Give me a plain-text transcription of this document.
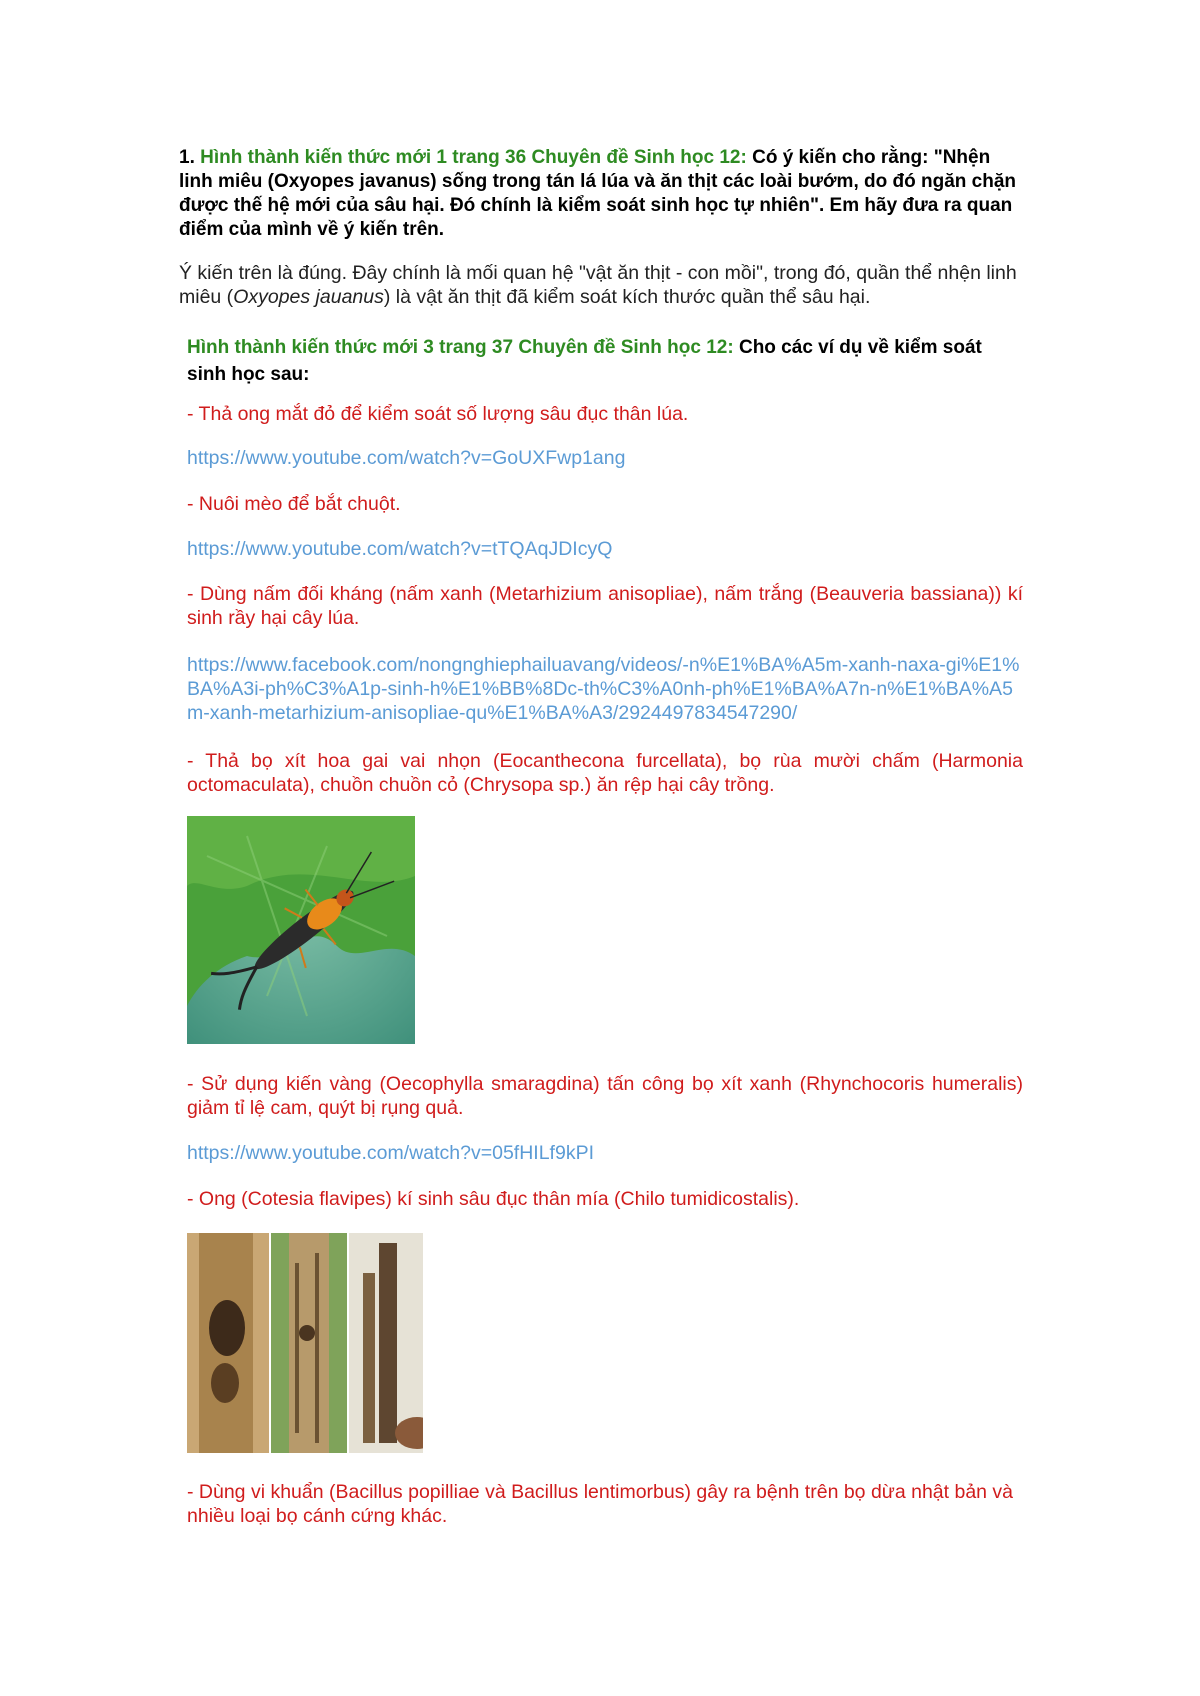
1. Hình thành kiến thức mới 1 trang 36 Chuyên đề Sinh học 12: Có ý kiến cho rằng: "Nhện linh miêu (Oxyopes javanus) sống trong tán lá lúa và ăn thịt các loài bướm, do đó ngăn chặn được thế hệ mới của sâu hại. Đó chính là kiểm soát sinh học tự nhiên". Em hãy đưa ra quan điểm của mình về ý kiến trên.
Ý kiến trên là đúng. Đây chính là mối quan hệ "vật ăn thịt - con mồi", trong đó, quần thể nhện linh miêu (Oxyopes jauanus) là vật ăn thịt đã kiểm soát kích thước quần thể sâu hại.
Hình thành kiến thức mới 3 trang 37 Chuyên đề Sinh học 12: Cho các ví dụ về kiểm soát sinh học sau:
- Thả ong mắt đỏ để kiểm soát số lượng sâu đục thân lúa.
https://www.youtube.com/watch?v=GoUXFwp1ang
- Nuôi mèo để bắt chuột.
https://www.youtube.com/watch?v=tTQAqJDIcyQ
- Dùng nấm đối kháng (nấm xanh (Metarhizium anisopliae), nấm trắng (Beauveria bassiana)) kí sinh rầy hại cây lúa.
https://www.facebook.com/nongnghiephailuavang/videos/-n%E1%BA%A5m-xanh-naxa-gi%E1%BA%A3i-ph%C3%A1p-sinh-h%E1%BB%8Dc-th%C3%A0nh-ph%E1%BA%A7n-n%E1%BA%A5m-xanh-metarhizium-anisopliae-qu%E1%BA%A3/2924497834547290/
- Thả bọ xít hoa gai vai nhọn (Eocanthecona furcellata), bọ rùa mười chấm (Harmonia octomaculata), chuồn chuồn cỏ (Chrysopa sp.) ăn rệp hại cây trồng.
- Sử dụng kiến vàng (Oecophylla smaragdina) tấn công bọ xít xanh (Rhynchocoris humeralis) giảm tỉ lệ cam, quýt bị rụng quả.
https://www.youtube.com/watch?v=05fHILf9kPI
- Ong (Cotesia flavipes) kí sinh sâu đục thân mía (Chilo tumidicostalis).
- Dùng vi khuẩn (Bacillus popilliae và Bacillus lentimorbus) gây ra bệnh trên bọ dừa nhật bản và nhiều loại bọ cánh cứng khác.
